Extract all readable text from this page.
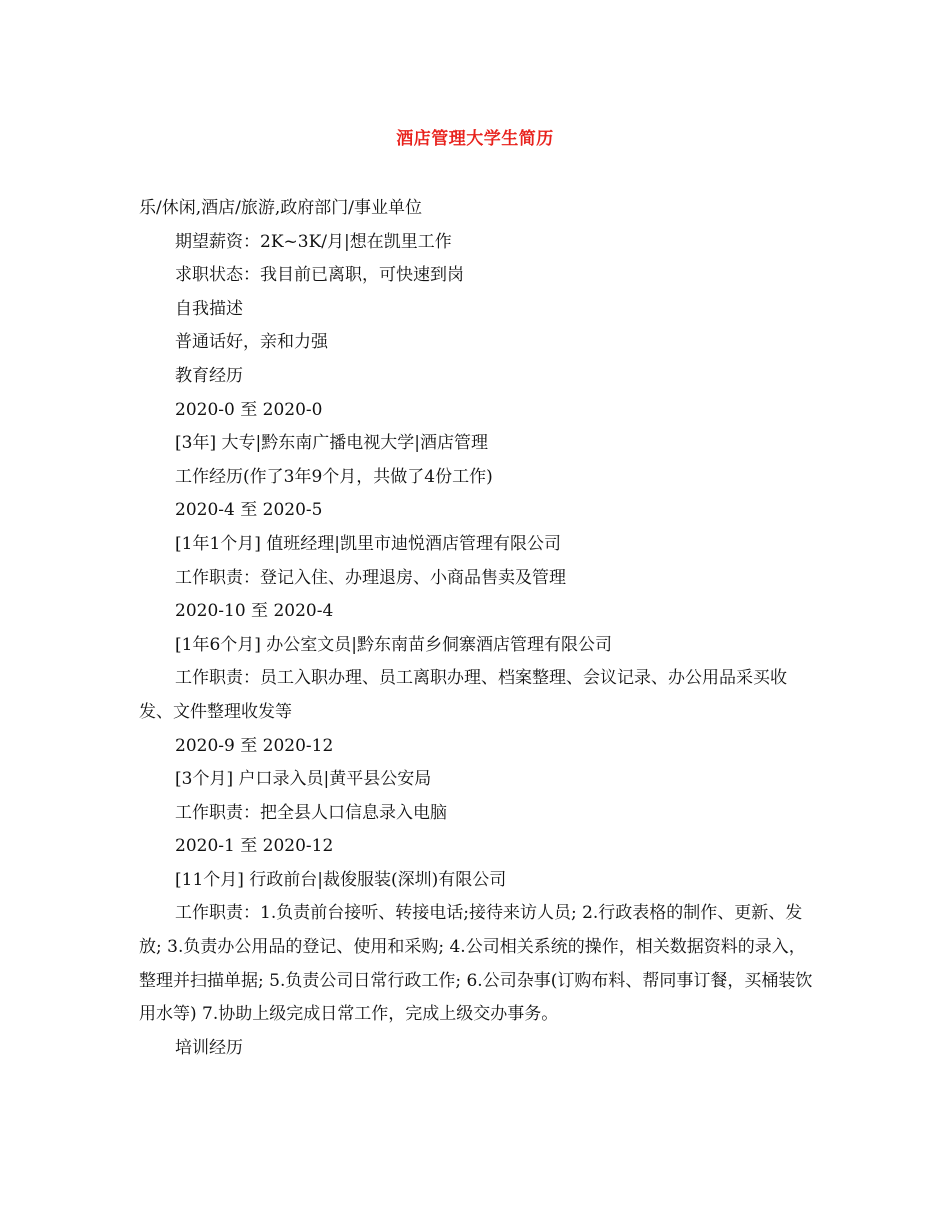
酒店管理大学生简历

乐/休闲,酒店/旅游,政府部门/事业单位

期望薪资：2K~3K/月|想在凯里工作

求职状态：我目前已离职，可快速到岗

自我描述

普通话好，亲和力强

教育经历

2020-0 至 2020-0

[3年] 大专|黔东南广播电视大学|酒店管理

工作经历(作了3年9个月，共做了4份工作)

2020-4 至 2020-5

[1年1个月] 值班经理|凯里市迪悦酒店管理有限公司

工作职责：登记入住、办理退房、小商品售卖及管理

2020-10 至 2020-4

[1年6个月] 办公室文员|黔东南苗乡侗寨酒店管理有限公司

工作职责：员工入职办理、员工离职办理、档案整理、会议记录、办公用品采买收发、文件整理收发等

2020-9 至 2020-12

[3个月] 户口录入员|黄平县公安局

工作职责：把全县人口信息录入电脑

2020-1 至 2020-12

[11个月] 行政前台|裁俊服装(深圳)有限公司

工作职责：1.负责前台接听、转接电话;接待来访人员; 2.行政表格的制作、更新、发放; 3.负责办公用品的登记、使用和采购; 4.公司相关系统的操作，相关数据资料的录入，整理并扫描单据; 5.负责公司日常行政工作; 6.公司杂事(订购布料、帮同事订餐，买桶装饮用水等) 7.协助上级完成日常工作，完成上级交办事务。

培训经历
